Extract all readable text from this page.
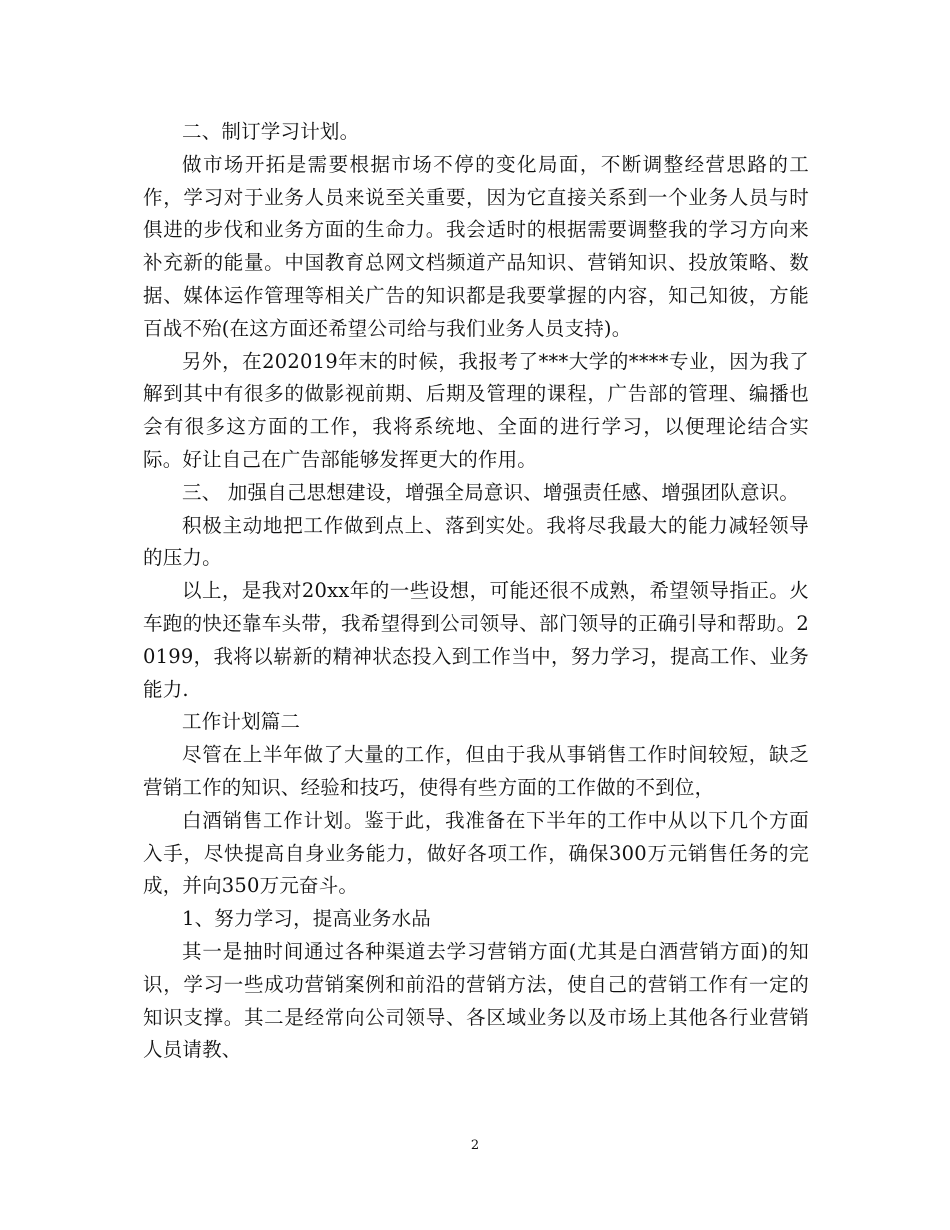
二、制订学习计划。

做市场开拓是需要根据市场不停的变化局面，不断调整经营思路的工作，学习对于业务人员来说至关重要，因为它直接关系到一个业务人员与时俱进的步伐和业务方面的生命力。我会适时的根据需要调整我的学习方向来补充新的能量。中国教育总网文档频道产品知识、营销知识、投放策略、数据、媒体运作管理等相关广告的知识都是我要掌握的内容，知己知彼，方能百战不殆(在这方面还希望公司给与我们业务人员支持)。

另外，在202019年末的时候，我报考了***大学的****专业，因为我了解到其中有很多的做影视前期、后期及管理的课程，广告部的管理、编播也会有很多这方面的工作，我将系统地、全面的进行学习，以便理论结合实际。好让自己在广告部能够发挥更大的作用。

三、 加强自己思想建设，增强全局意识、增强责任感、增强团队意识。

积极主动地把工作做到点上、落到实处。我将尽我最大的能力减轻领导的压力。

以上，是我对20xx年的一些设想，可能还很不成熟，希望领导指正。火车跑的快还靠车头带，我希望得到公司领导、部门领导的正确引导和帮助。20199，我将以崭新的精神状态投入到工作当中，努力学习，提高工作、业务能力.

工作计划篇二

尽管在上半年做了大量的工作，但由于我从事销售工作时间较短，缺乏营销工作的知识、经验和技巧，使得有些方面的工作做的不到位，

白酒销售工作计划。鉴于此，我准备在下半年的工作中从以下几个方面入手，尽快提高自身业务能力，做好各项工作，确保300万元销售任务的完成，并向350万元奋斗。

1、努力学习，提高业务水品

其一是抽时间通过各种渠道去学习营销方面(尤其是白酒营销方面)的知识，学习一些成功营销案例和前沿的营销方法，使自己的营销工作有一定的知识支撑。其二是经常向公司领导、各区域业务以及市场上其他各行业营销人员请教、

2
